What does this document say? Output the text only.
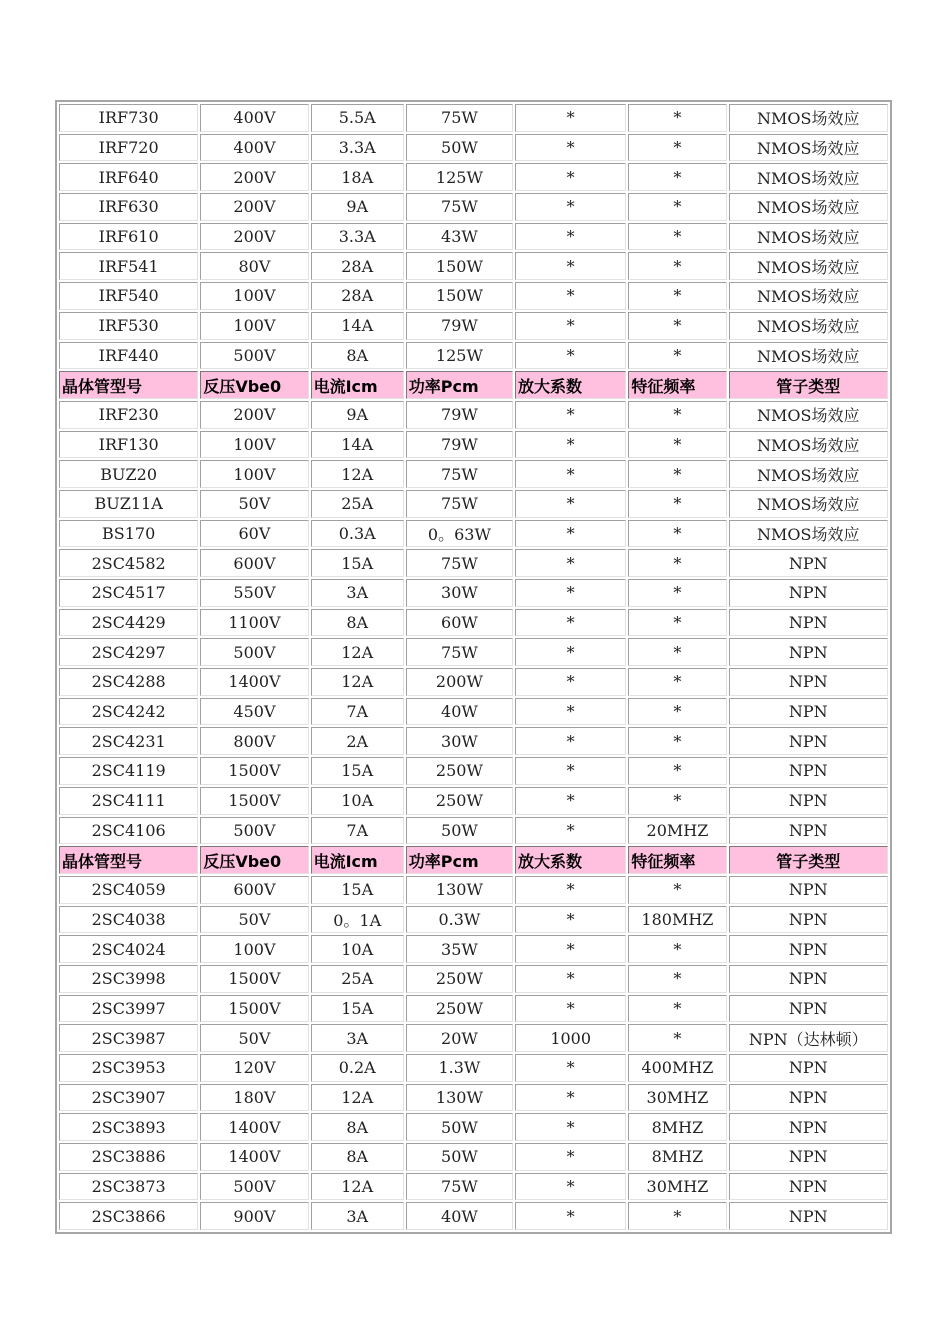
IRF730	400V	5.5A	75W	*	*	NMOS场效应
IRF720	400V	3.3A	50W	*	*	NMOS场效应
IRF640	200V	18A	125W	*	*	NMOS场效应
IRF630	200V	9A	75W	*	*	NMOS场效应
IRF610	200V	3.3A	43W	*	*	NMOS场效应
IRF541	80V	28A	150W	*	*	NMOS场效应
IRF540	100V	28A	150W	*	*	NMOS场效应
IRF530	100V	14A	79W	*	*	NMOS场效应
IRF440	500V	8A	125W	*	*	NMOS场效应
晶体管型号	反压Vbe0	电流Icm	功率Pcm	放大系数	特征频率	管子类型
IRF230	200V	9A	79W	*	*	NMOS场效应
IRF130	100V	14A	79W	*	*	NMOS场效应
BUZ20	100V	12A	75W	*	*	NMOS场效应
BUZ11A	50V	25A	75W	*	*	NMOS场效应
BS170	60V	0.3A	0。63W	*	*	NMOS场效应
2SC4582	600V	15A	75W	*	*	NPN
2SC4517	550V	3A	30W	*	*	NPN
2SC4429	1100V	8A	60W	*	*	NPN
2SC4297	500V	12A	75W	*	*	NPN
2SC4288	1400V	12A	200W	*	*	NPN
2SC4242	450V	7A	40W	*	*	NPN
2SC4231	800V	2A	30W	*	*	NPN
2SC4119	1500V	15A	250W	*	*	NPN
2SC4111	1500V	10A	250W	*	*	NPN
2SC4106	500V	7A	50W	*	20MHZ	NPN
晶体管型号	反压Vbe0	电流Icm	功率Pcm	放大系数	特征频率	管子类型
2SC4059	600V	15A	130W	*	*	NPN
2SC4038	50V	0。1A	0.3W	*	180MHZ	NPN
2SC4024	100V	10A	35W	*	*	NPN
2SC3998	1500V	25A	250W	*	*	NPN
2SC3997	1500V	15A	250W	*	*	NPN
2SC3987	50V	3A	20W	1000	*	NPN（达林顿）
2SC3953	120V	0.2A	1.3W	*	400MHZ	NPN
2SC3907	180V	12A	130W	*	30MHZ	NPN
2SC3893	1400V	8A	50W	*	8MHZ	NPN
2SC3886	1400V	8A	50W	*	8MHZ	NPN
2SC3873	500V	12A	75W	*	30MHZ	NPN
2SC3866	900V	3A	40W	*	*	NPN
